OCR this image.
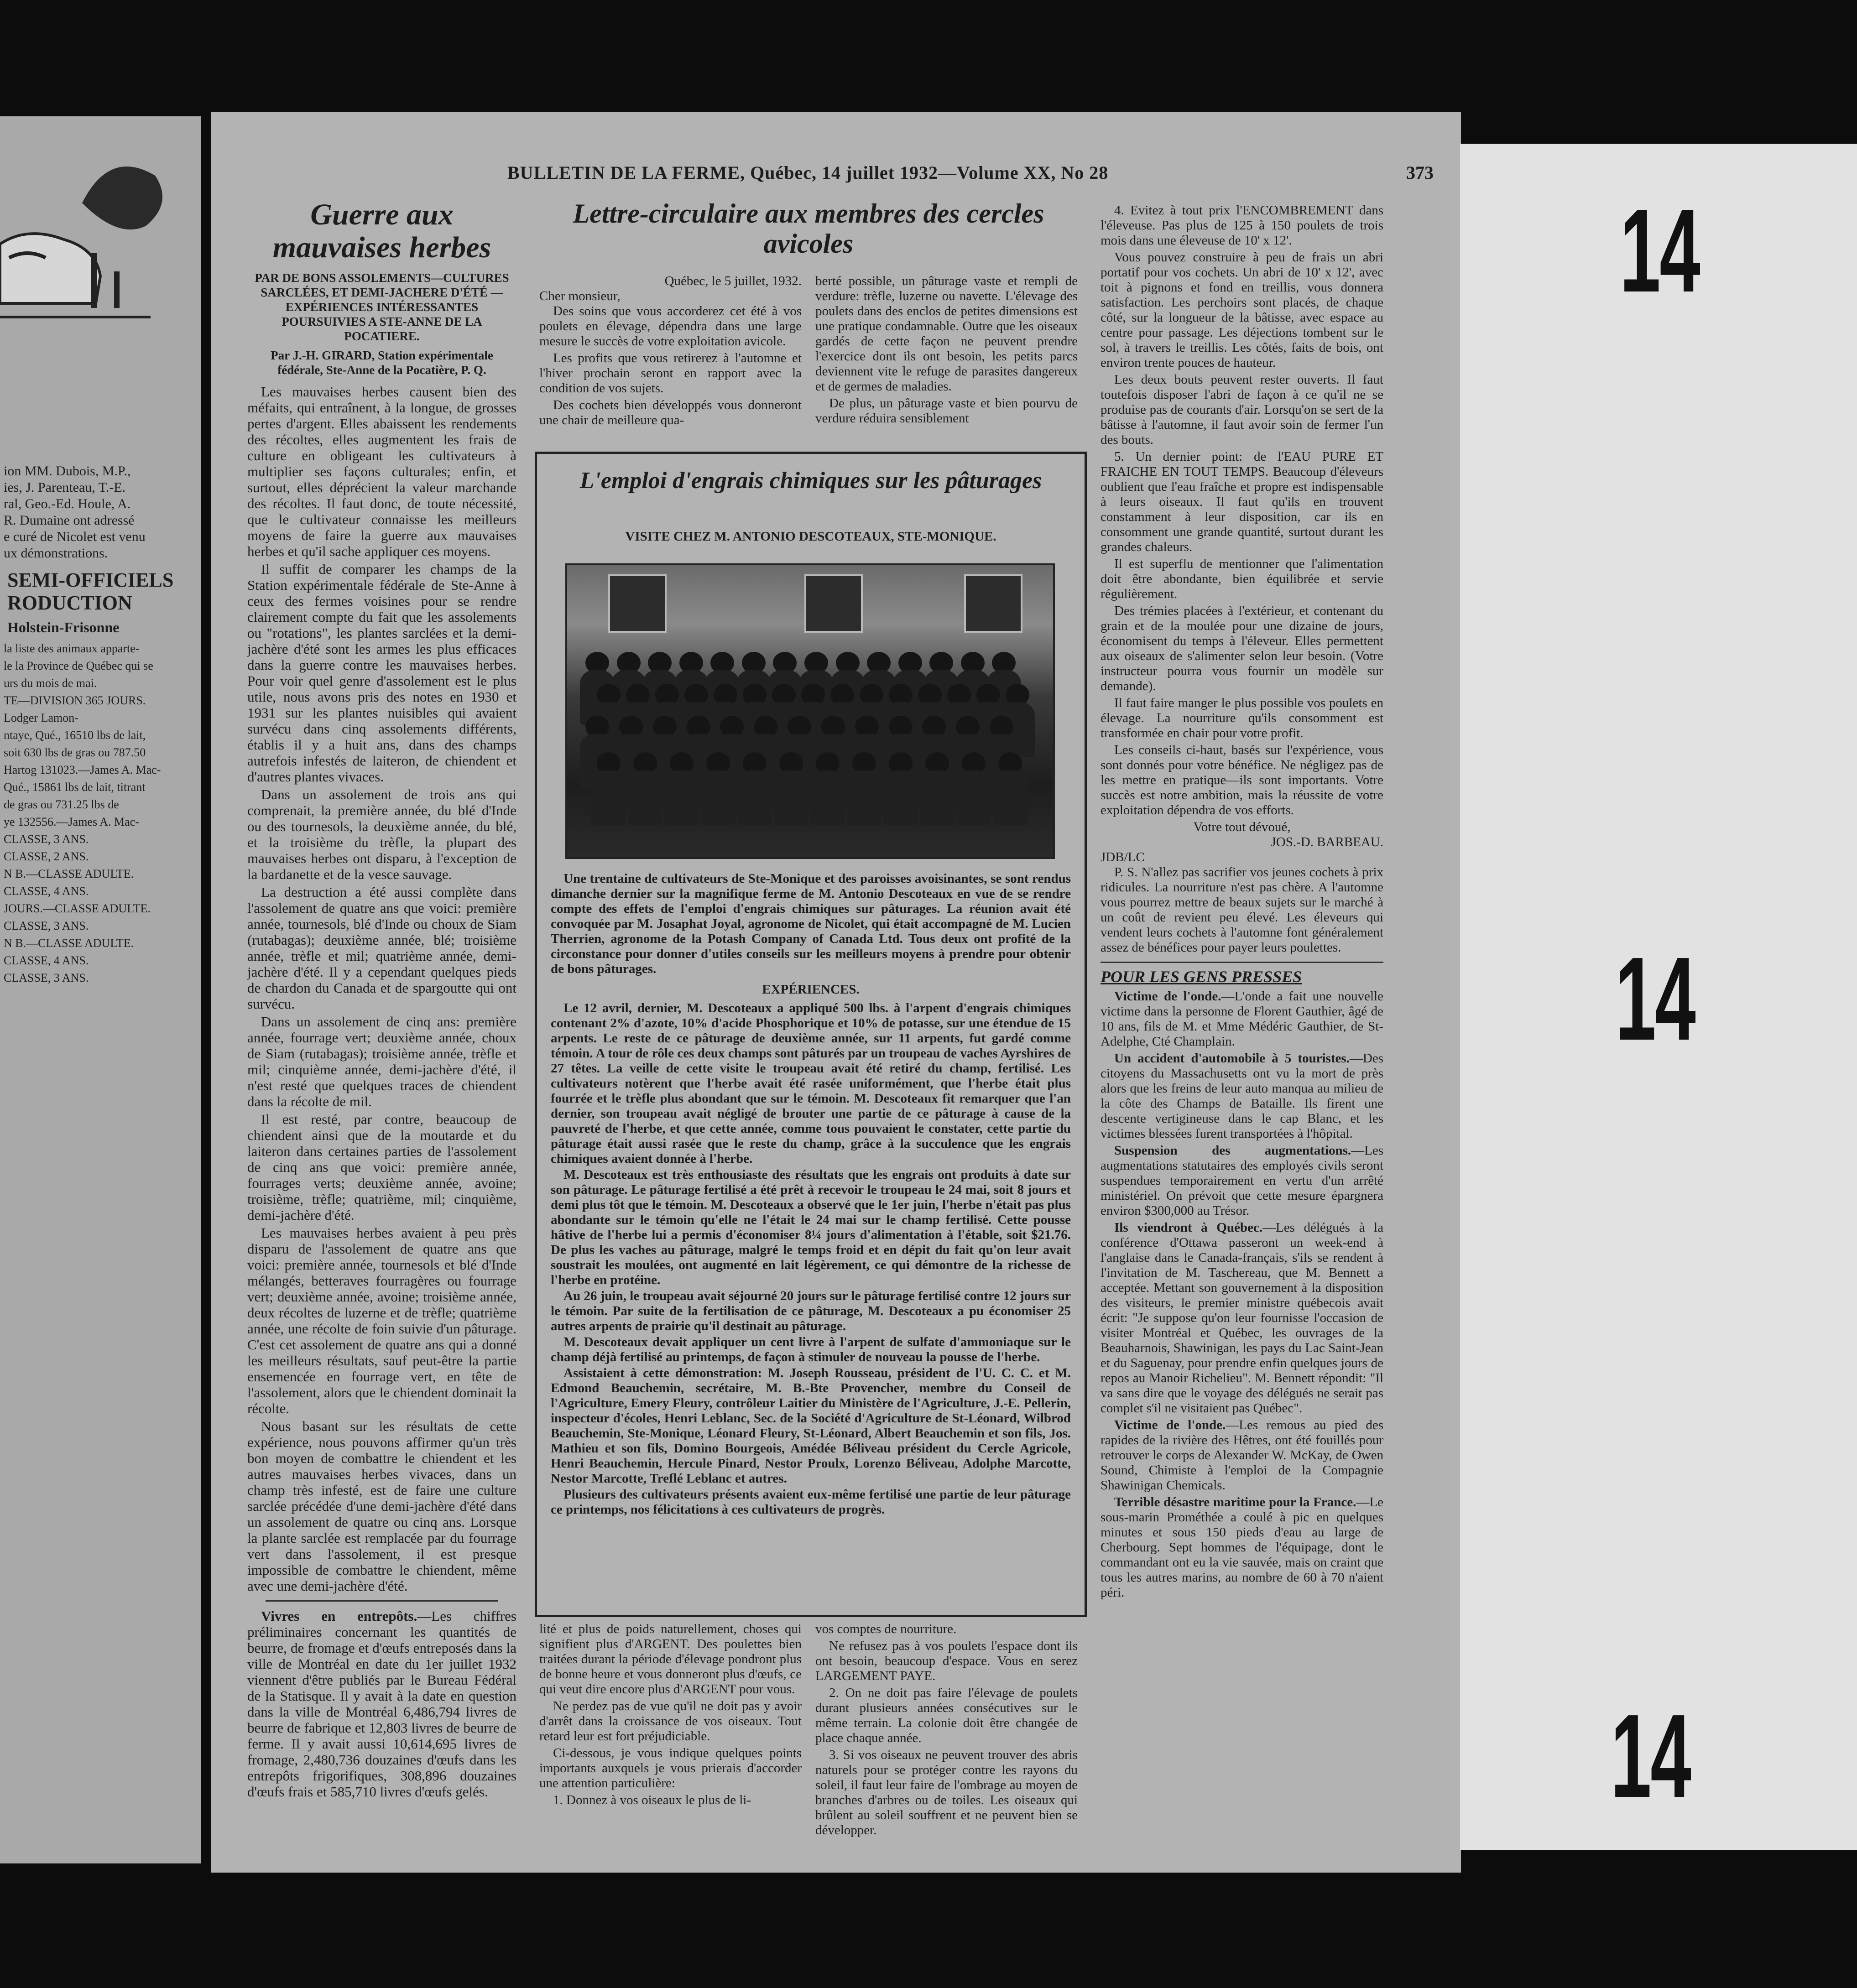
ion MM. Dubois, M.P.,
ies, J. Parenteau, T.-E.
ral, Geo.-Ed. Houle, A.
R. Dumaine ont adressé
e curé de Nicolet est venu
ux démonstrations.
SEMI-OFFICIELS RODUCTION
Holstein-Frisonne
la liste des animaux apparte-
le la Province de Québec qui se
urs du mois de mai.
TE—DIVISION 365 JOURS.
Lodger Lamon-
ntaye, Qué., 16510 lbs de lait,
soit 630 lbs de gras ou 787.50
Hartog 131023.—James A. Mac-
Qué., 15861 lbs de lait, titrant
de gras ou 731.25 lbs de
ye 132556.—James A. Mac-
CLASSE, 3 ANS.
CLASSE, 2 ANS.
N B.—CLASSE ADULTE.
CLASSE, 4 ANS.
JOURS.—CLASSE ADULTE.
CLASSE, 3 ANS.
N B.—CLASSE ADULTE.
CLASSE, 4 ANS.
CLASSE, 3 ANS.
BULLETIN DE LA FERME, Québec, 14 juillet 1932—Volume XX, No 28	373
Guerre aux mauvaises herbes
PAR DE BONS ASSOLEMENTS—CULTURES SARCLÉES, ET DEMI-JACHERE D'ÉTÉ — EXPÉRIENCES INTÉRESSANTES POURSUIVIES A STE-ANNE DE LA POCATIERE.
Par J.-H. GIRARD, Station expérimentale fédérale, Ste-Anne de la Pocatière, P. Q.

Les mauvaises herbes causent bien des méfaits, qui entraînent, à la longue, de grosses pertes d'argent. Elles abaissent les rendements des récoltes, elles augmentent les frais de culture en obligeant les cultivateurs à multiplier ses façons culturales; enfin, et surtout, elles déprécient la valeur marchande des récoltes. Il faut donc, de toute nécessité, que le cultivateur connaisse les meilleurs moyens de faire la guerre aux mauvaises herbes et qu'il sache appliquer ces moyens.

Il suffit de comparer les champs de la Station expérimentale fédérale de Ste-Anne à ceux des fermes voisines pour se rendre clairement compte du fait que les assolements ou "rotations", les plantes sarclées et la demi-jachère d'été sont les armes les plus efficaces dans la guerre contre les mauvaises herbes. Pour voir quel genre d'assolement est le plus utile, nous avons pris des notes en 1930 et 1931 sur les plantes nuisibles qui avaient survécu dans cinq assolements différents, établis il y a huit ans, dans des champs autrefois infestés de laiteron, de chiendent et d'autres plantes vivaces.

Dans un assolement de trois ans qui comprenait, la première année, du blé d'Inde ou des tournesols, la deuxième année, du blé, et la troisième du trèfle, la plupart des mauvaises herbes ont disparu, à l'exception de la bardanette et de la vesce sauvage.

La destruction a été aussi complète dans l'assolement de quatre ans que voici: première année, tournesols, blé d'Inde ou choux de Siam (rutabagas); deuxième année, blé; troisième année, trèfle et mil; quatrième année, demi-jachère d'été. Il y a cependant quelques pieds de chardon du Canada et de spargoutte qui ont survécu.

Dans un assolement de cinq ans: première année, fourrage vert; deuxième année, choux de Siam (rutabagas); troisième année, trèfle et mil; cinquième année, demi-jachère d'été, il n'est resté que quelques traces de chiendent dans la récolte de mil.

Il est resté, par contre, beaucoup de chiendent ainsi que de la moutarde et du laiteron dans certaines parties de l'assolement de cinq ans que voici: première année, fourrages verts; deuxième année, avoine; troisième, trèfle; quatrième, mil; cinquième, demi-jachère d'été.

Les mauvaises herbes avaient à peu près disparu de l'assolement de quatre ans que voici: première année, tournesols et blé d'Inde mélangés, betteraves fourragères ou fourrage vert; deuxième année, avoine; troisième année, deux récoltes de luzerne et de trèfle; quatrième année, une récolte de foin suivie d'un pâturage. C'est cet assolement de quatre ans qui a donné les meilleurs résultats, sauf peut-être la partie ensemencée en fourrage vert, en tête de l'assolement, alors que le chiendent dominait la récolte.

Nous basant sur les résultats de cette expérience, nous pouvons affirmer qu'un très bon moyen de combattre le chiendent et les autres mauvaises herbes vivaces, dans un champ très infesté, est de faire une culture sarclée précédée d'une demi-jachère d'été dans un assolement de quatre ou cinq ans. Lorsque la plante sarclée est remplacée par du fourrage vert dans l'assolement, il est presque impossible de combattre le chiendent, même avec une demi-jachère d'été.

Vivres en entrepôts.—Les chiffres préliminaires concernant les quantités de beurre, de fromage et d'œufs entreposés dans la ville de Montréal en date du 1er juillet 1932 viennent d'être publiés par le Bureau Fédéral de la Statisque. Il y avait à la date en question dans la ville de Montréal 6,486,794 livres de beurre de fabrique et 12,803 livres de beurre de ferme. Il y avait aussi 10,614,695 livres de fromage, 2,480,736 douzaines d'œufs dans les entrepôts frigorifiques, 308,896 douzaines d'œufs frais et 585,710 livres d'œufs gelés.

Lettre-circulaire aux membres des cercles avicoles
Québec, le 5 juillet, 1932.
Cher monsieur,

Des soins que vous accorderez cet été à vos poulets en élevage, dépendra dans une large mesure le succès de votre exploitation avicole.

Les profits que vous retirerez à l'automne et l'hiver prochain seront en rapport avec la condition de vos sujets.

Des cochets bien développés vous donneront une chair de meilleure qua-

berté possible, un pâturage vaste et rempli de verdure: trèfle, luzerne ou navette. L'élevage des poulets dans des enclos de petites dimensions est une pratique condamnable. Outre que les oiseaux gardés de cette façon ne peuvent prendre l'exercice dont ils ont besoin, les petits parcs deviennent vite le refuge de parasites dangereux et de germes de maladies.

De plus, un pâturage vaste et bien pourvu de verdure réduira sensiblement

L'emploi d'engrais chimiques sur les pâturages
VISITE CHEZ M. ANTONIO DESCOTEAUX, STE-MONIQUE.

Une trentaine de cultivateurs de Ste-Monique et des paroisses avoisinantes, se sont rendus dimanche dernier sur la magnifique ferme de M. Antonio Descoteaux en vue de se rendre compte des effets de l'emploi d'engrais chimiques sur pâturages. La réunion avait été convoquée par M. Josaphat Joyal, agronome de Nicolet, qui était accompagné de M. Lucien Therrien, agronome de la Potash Company of Canada Ltd. Tous deux ont profité de la circonstance pour donner d'utiles conseils sur les meilleurs moyens à prendre pour obtenir de bons pâturages.

EXPÉRIENCES.

Le 12 avril, dernier, M. Descoteaux a appliqué 500 lbs. à l'arpent d'engrais chimiques contenant 2% d'azote, 10% d'acide Phosphorique et 10% de potasse, sur une étendue de 15 arpents. Le reste de ce pâturage de deuxième année, sur 11 arpents, fut gardé comme témoin. A tour de rôle ces deux champs sont pâturés par un troupeau de vaches Ayrshires de 27 têtes. La veille de cette visite le troupeau avait été retiré du champ, fertilisé. Les cultivateurs notèrent que l'herbe avait été rasée uniformément, que l'herbe était plus fourrée et le trèfle plus abondant que sur le témoin. M. Descoteaux fit remarquer que l'an dernier, son troupeau avait négligé de brouter une partie de ce pâturage à cause de la pauvreté de l'herbe, et que cette année, comme tous pouvaient le constater, cette partie du pâturage était aussi rasée que le reste du champ, grâce à la succulence que les engrais chimiques avaient donnée à l'herbe.

M. Descoteaux est très enthousiaste des résultats que les engrais ont produits à date sur son pâturage. Le pâturage fertilisé a été prêt à recevoir le troupeau le 24 mai, soit 8 jours et demi plus tôt que le témoin. M. Descoteaux a observé que le 1er juin, l'herbe n'était pas plus abondante sur le témoin qu'elle ne l'était le 24 mai sur le champ fertilisé. Cette pousse hâtive de l'herbe lui a permis d'économiser 8¼ jours d'alimentation à l'étable, soit $21.76. De plus les vaches au pâturage, malgré le temps froid et en dépit du fait qu'on leur avait soustrait les moulées, ont augmenté en lait légèrement, ce qui démontre de la richesse de l'herbe en protéine.

Au 26 juin, le troupeau avait séjourné 20 jours sur le pâturage fertilisé contre 12 jours sur le témoin. Par suite de la fertilisation de ce pâturage, M. Descoteaux a pu économiser 25 autres arpents de prairie qu'il destinait au pâturage.

M. Descoteaux devait appliquer un cent livre à l'arpent de sulfate d'ammoniaque sur le champ déjà fertilisé au printemps, de façon à stimuler de nouveau la pousse de l'herbe.

Assistaient à cette démonstration: M. Joseph Rousseau, président de l'U. C. C. et M. Edmond Beauchemin, secrétaire, M. B.-Bte Provencher, membre du Conseil de l'Agriculture, Emery Fleury, contrôleur Laitier du Ministère de l'Agriculture, J.-E. Pellerin, inspecteur d'écoles, Henri Leblanc, Sec. de la Société d'Agriculture de St-Léonard, Wilbrod Beauchemin, Ste-Monique, Léonard Fleury, St-Léonard, Albert Beauchemin et son fils, Jos. Mathieu et son fils, Domino Bourgeois, Amédée Béliveau président du Cercle Agricole, Henri Beauchemin, Hercule Pinard, Nestor Proulx, Lorenzo Béliveau, Adolphe Marcotte, Nestor Marcotte, Treflé Leblanc et autres.

Plusieurs des cultivateurs présents avaient eux-même fertilisé une partie de leur pâturage ce printemps, nos félicitations à ces cultivateurs de progrès.

lité et plus de poids naturellement, choses qui signifient plus d'ARGENT. Des poulettes bien traitées durant la période d'élevage pondront plus de bonne heure et vous donneront plus d'œufs, ce qui veut dire encore plus d'ARGENT pour vous.

Ne perdez pas de vue qu'il ne doit pas y avoir d'arrêt dans la croissance de vos oiseaux. Tout retard leur est fort préjudiciable.

Ci-dessous, je vous indique quelques points importants auxquels je vous prierais d'accorder une attention particulière:

1. Donnez à vos oiseaux le plus de li-

vos comptes de nourriture.

Ne refusez pas à vos poulets l'espace dont ils ont besoin, beaucoup d'espace. Vous en serez LARGEMENT PAYE.

2. On ne doit pas faire l'élevage de poulets durant plusieurs années consécutives sur le même terrain. La colonie doit être changée de place chaque année.

3. Si vos oiseaux ne peuvent trouver des abris naturels pour se protéger contre les rayons du soleil, il faut leur faire de l'ombrage au moyen de branches d'arbres ou de toiles. Les oiseaux qui brûlent au soleil souffrent et ne peuvent bien se développer.

4. Evitez à tout prix l'ENCOMBREMENT dans l'éleveuse. Pas plus de 125 à 150 poulets de trois mois dans une éleveuse de 10' x 12'.

Vous pouvez construire à peu de frais un abri portatif pour vos cochets. Un abri de 10' x 12', avec toit à pignons et fond en treillis, vous donnera satisfaction. Les perchoirs sont placés, de chaque côté, sur la longueur de la bâtisse, avec espace au centre pour passage. Les déjections tombent sur le sol, à travers le treillis. Les côtés, faits de bois, ont environ trente pouces de hauteur.

Les deux bouts peuvent rester ouverts. Il faut toutefois disposer l'abri de façon à ce qu'il ne se produise pas de courants d'air. Lorsqu'on se sert de la bâtisse à l'automne, il faut avoir soin de fermer l'un des bouts.

5. Un dernier point: de l'EAU PURE ET FRAICHE EN TOUT TEMPS. Beaucoup d'éleveurs oublient que l'eau fraîche et propre est indispensable à leurs oiseaux. Il faut qu'ils en trouvent constamment à leur disposition, car ils en consomment une grande quantité, surtout durant les grandes chaleurs.

Il est superflu de mentionner que l'alimentation doit être abondante, bien équilibrée et servie régulièrement.

Des trémies placées à l'extérieur, et contenant du grain et de la moulée pour une dizaine de jours, économisent du temps à l'éleveur. Elles permettent aux oiseaux de s'alimenter selon leur besoin. (Votre instructeur pourra vous fournir un modèle sur demande).

Il faut faire manger le plus possible vos poulets en élevage. La nourriture qu'ils consomment est transformée en chair pour votre profit.

Les conseils ci-haut, basés sur l'expérience, vous sont donnés pour votre bénéfice. Ne négligez pas de les mettre en pratique—ils sont importants. Votre succès est notre ambition, mais la réussite de votre exploitation dépendra de vos efforts.

Votre tout dévoué,
JOS.-D. BARBEAU.
JDB/LC

P. S. N'allez pas sacrifier vos jeunes cochets à prix ridicules. La nourriture n'est pas chère. A l'automne vous pourrez mettre de beaux sujets sur le marché à un coût de revient peu élevé. Les éleveurs qui vendent leurs cochets à l'automne font généralement assez de bénéfices pour payer leurs poulettes.

POUR LES GENS PRESSES

Victime de l'onde.—L'onde a fait une nouvelle victime dans la personne de Florent Gauthier, âgé de 10 ans, fils de M. et Mme Médéric Gauthier, de St-Adelphe, Cté Champlain.

Un accident d'automobile à 5 touristes.—Des citoyens du Massachusetts ont vu la mort de près alors que les freins de leur auto manqua au milieu de la côte des Champs de Bataille. Ils firent une descente vertigineuse dans le cap Blanc, et les victimes blessées furent transportées à l'hôpital.

Suspension des augmentations.—Les augmentations statutaires des employés civils seront suspendues temporairement en vertu d'un arrêté ministériel. On prévoit que cette mesure épargnera environ $300,000 au Trésor.

Ils viendront à Québec.—Les délégués à la conférence d'Ottawa passeront un week-end à l'anglaise dans le Canada-français, s'ils se rendent à l'invitation de M. Taschereau, que M. Bennett a acceptée. Mettant son gouvernement à la disposition des visiteurs, le premier ministre québecois avait écrit: "Je suppose qu'on leur fournisse l'occasion de visiter Montréal et Québec, les ouvrages de la Beauharnois, Shawinigan, les pays du Lac Saint-Jean et du Saguenay, pour prendre enfin quelques jours de repos au Manoir Richelieu". M. Bennett répondit: "Il va sans dire que le voyage des délégués ne serait pas complet s'il ne visitaient pas Québec".

Victime de l'onde.—Les remous au pied des rapides de la rivière des Hêtres, ont été fouillés pour retrouver le corps de Alexander W. McKay, de Owen Sound, Chimiste à l'emploi de la Compagnie Shawinigan Chemicals.

Terrible désastre maritime pour la France.—Le sous-marin Prométhée a coulé à pic en quelques minutes et sous 150 pieds d'eau au large de Cherbourg. Sept hommes de l'équipage, dont le commandant ont eu la vie sauvée, mais on craint que tous les autres marins, au nombre de 60 à 70 n'aient péri.

14
14
14
